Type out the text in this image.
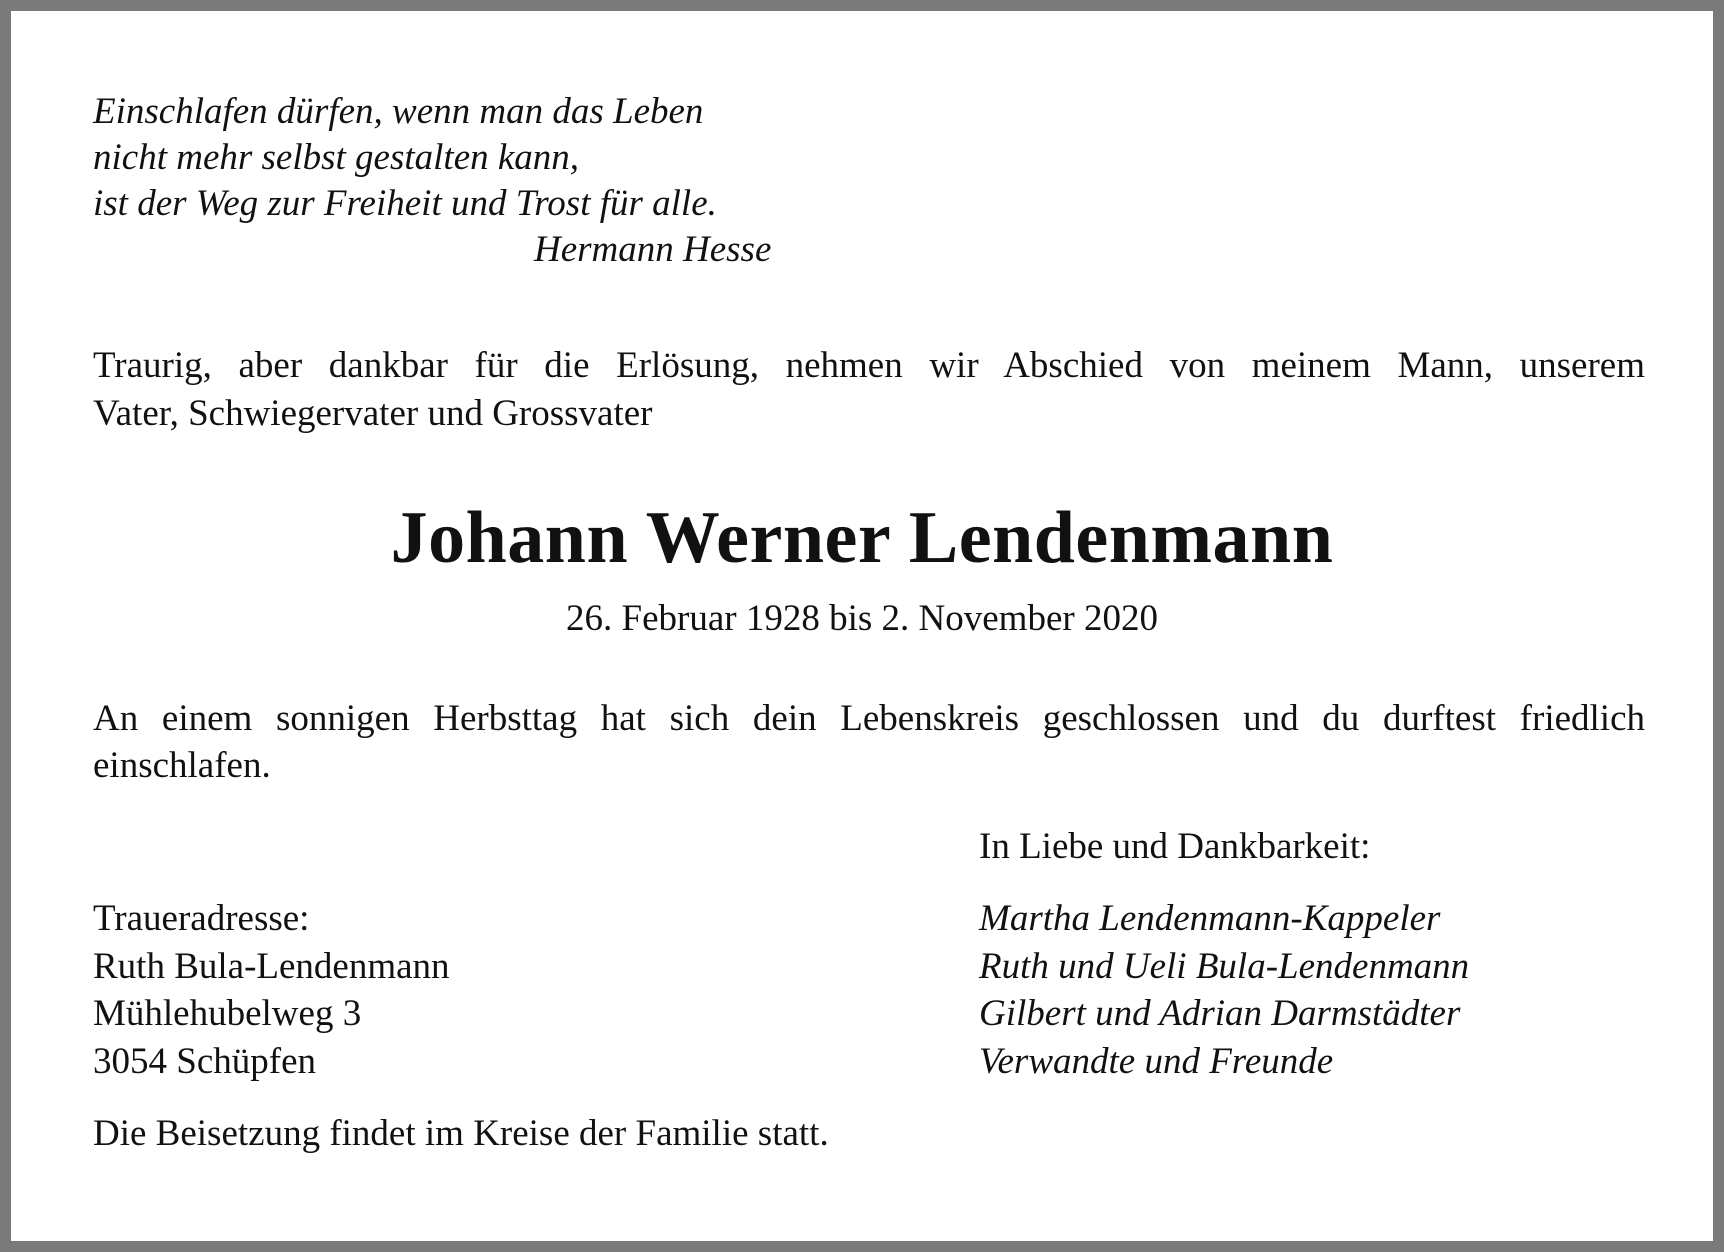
Einschlafen dürfen, wenn man das Leben
nicht mehr selbst gestalten kann,
ist der Weg zur Freiheit und Trost für alle.
Hermann Hesse
Traurig, aber dankbar für die Erlösung, nehmen wir Abschied von meinem Mann, unserem
Vater, Schwiegervater und Grossvater
Johann Werner Lendenmann
26. Februar 1928 bis 2. November 2020
An einem sonnigen Herbsttag hat sich dein Lebenskreis geschlossen und du durftest friedlich
einschlafen.
In Liebe und Dankbarkeit:
Martha Lendenmann-Kappeler
Ruth und Ueli Bula-Lendenmann
Gilbert und Adrian Darmstädter
Verwandte und Freunde
Traueradresse:
Ruth Bula-Lendenmann
Mühlehubelweg 3
3054 Schüpfen
Die Beisetzung findet im Kreise der Familie statt.
